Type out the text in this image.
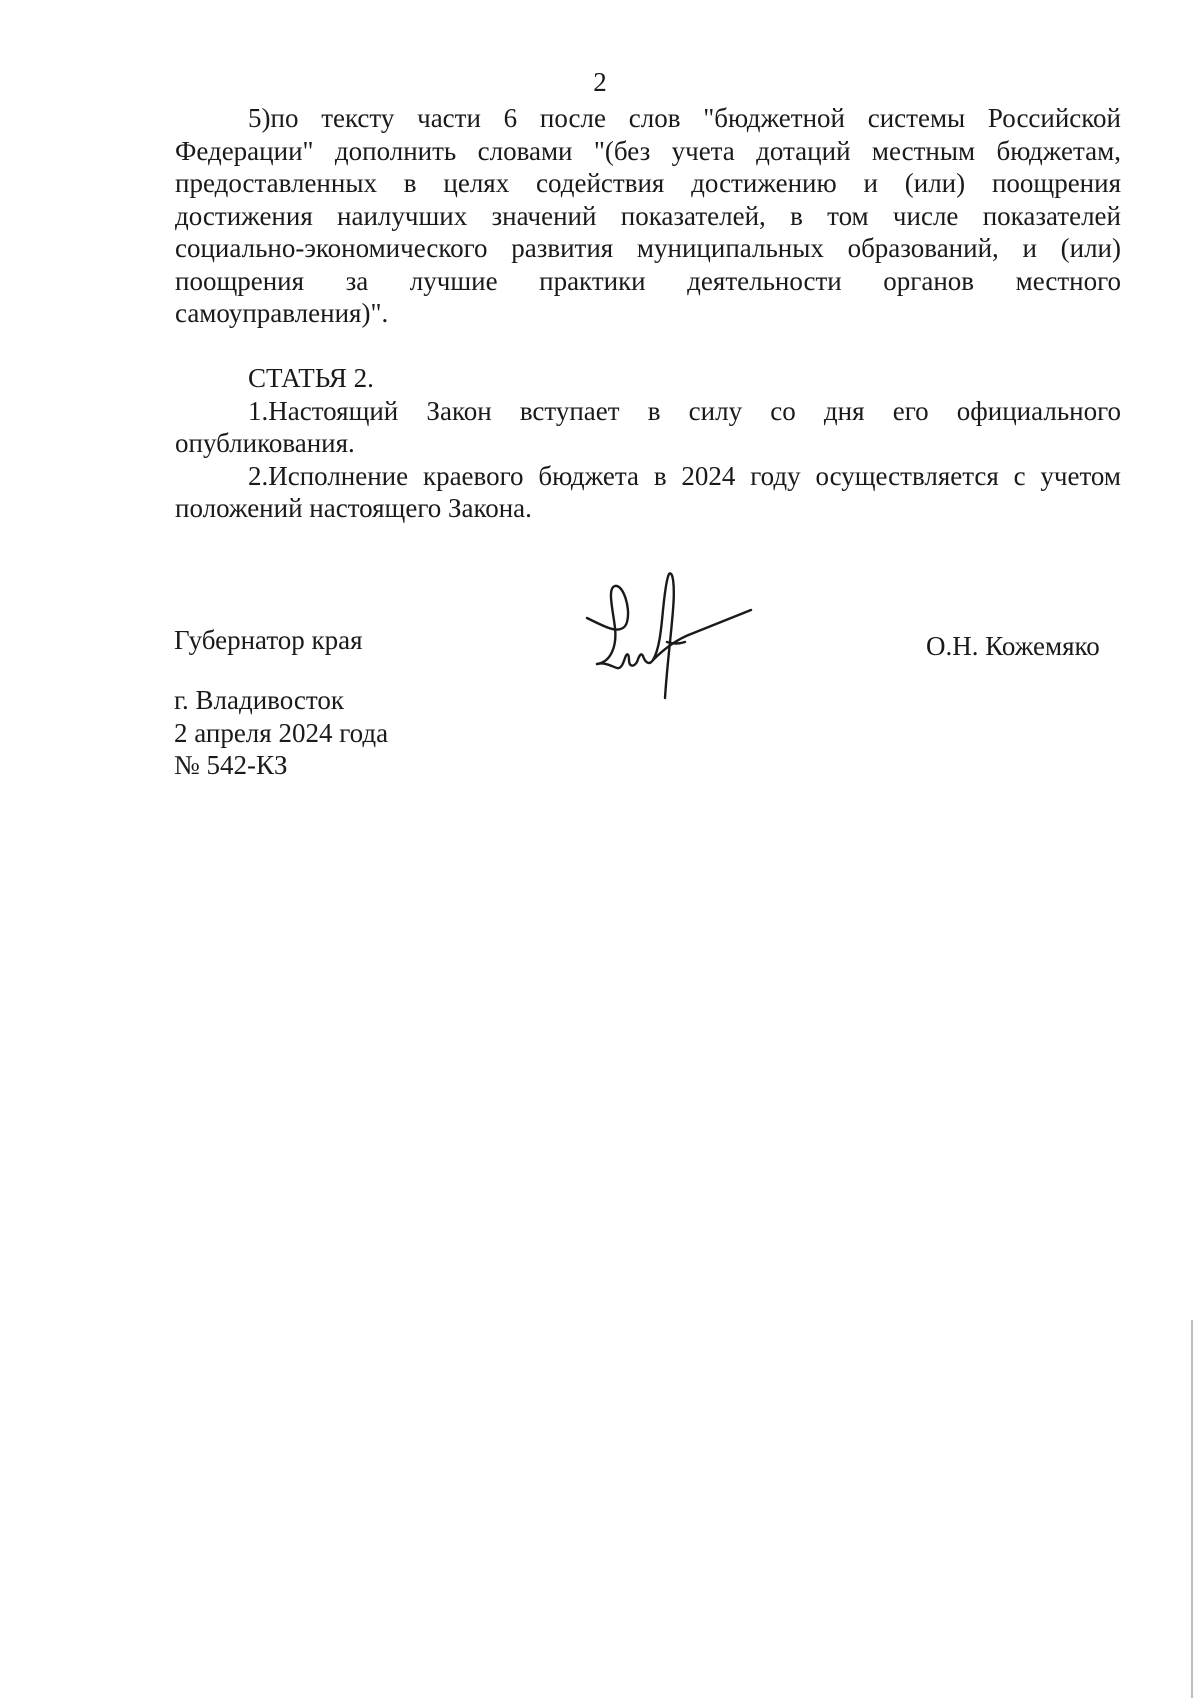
2

5)по тексту части 6 после слов "бюджетной системы Российской Федерации" дополнить словами "(без учета дотаций местным бюджетам, предоставленных в целях содействия достижению и (или) поощрения достижения наилучших значений показателей, в том числе показателей социально-экономического развития муниципальных образований, и (или) поощрения за лучшие практики деятельности органов местного самоуправления)".

СТАТЬЯ 2.

1.Настоящий Закон вступает в силу со дня его официального опубликования.

2.Исполнение краевого бюджета в 2024 году осуществляется с учетом положений настоящего Закона.

Губернатор края	О.Н. Кожемяко
г. Владивосток
2 апреля 2024 года
№ 542-КЗ
